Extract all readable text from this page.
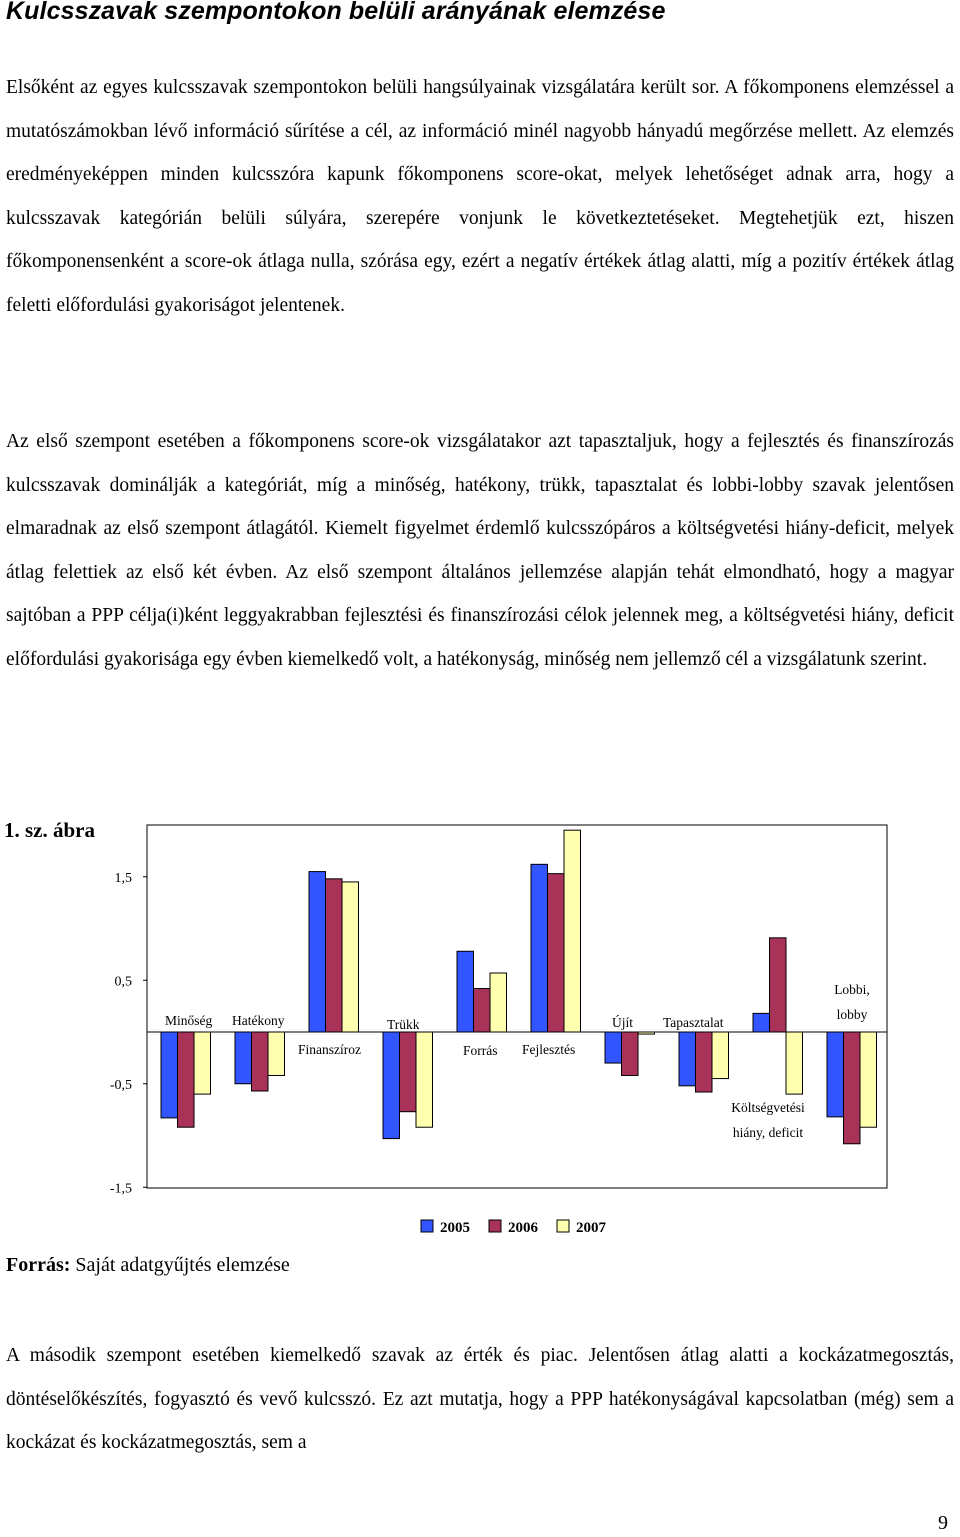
Kulcsszavak szempontokon belüli arányának elemzése

Elsőként az egyes kulcsszavak szempontokon belüli hangsúlyainak vizsgálatára került sor. A főkomponens elemzéssel a mutatószámokban lévő információ sűrítése a cél, az információ minél nagyobb hányadú megőrzése mellett. Az elemzés eredményeképpen minden kulcsszóra kapunk főkomponens score-okat, melyek lehetőséget adnak arra, hogy a kulcsszavak kategórián belüli súlyára, szerepére vonjunk le következtetéseket. Megtehetjük ezt, hiszen főkomponensenként a score-ok átlaga nulla, szórása egy, ezért a negatív értékek átlag alatti, míg a pozitív értékek átlag feletti előfordulási gyakoriságot jelentenek.

Az első szempont esetében a főkomponens score-ok vizsgálatakor azt tapasztaljuk, hogy a fejlesztés és finanszírozás kulcsszavak dominálják a kategóriát, míg a minőség, hatékony, trükk, tapasztalat és lobbi-lobby szavak jelentősen elmaradnak az első szempont átlagától. Kiemelt figyelmet érdemlő kulcsszópáros a költségvetési hiány-deficit, melyek átlag felettiek az első két évben. Az első szempont általános jellemzése alapján tehát elmondható, hogy a magyar sajtóban a PPP célja(i)ként leggyakrabban fejlesztési és finanszírozási célok jelennek meg, a költségvetési hiány, deficit előfordulási gyakorisága egy évben kiemelkedő volt, a hatékonyság, minőség nem jellemző cél a vizsgálatunk szerint.

1. sz. ábra
1,5
0,5
-0,5
-1,5
Minőség Hatékony
Finanszíroz
Trükk
Forrás Fejlesztés
Újít Tapasztalat
Költségvetési
hiány, deficit
Lobbi,
lobby
2005	2006	2007
Forrás: Saját adatgyűjtés elemzése

A második szempont esetében kiemelkedő szavak az érték és piac. Jelentősen átlag alatti a kockázatmegosztás, döntéselőkészítés, fogyasztó és vevő kulcsszó. Ez azt mutatja, hogy a PPP hatékonyságával kapcsolatban (még) sem a kockázat és kockázatmegosztás, sem a

9
